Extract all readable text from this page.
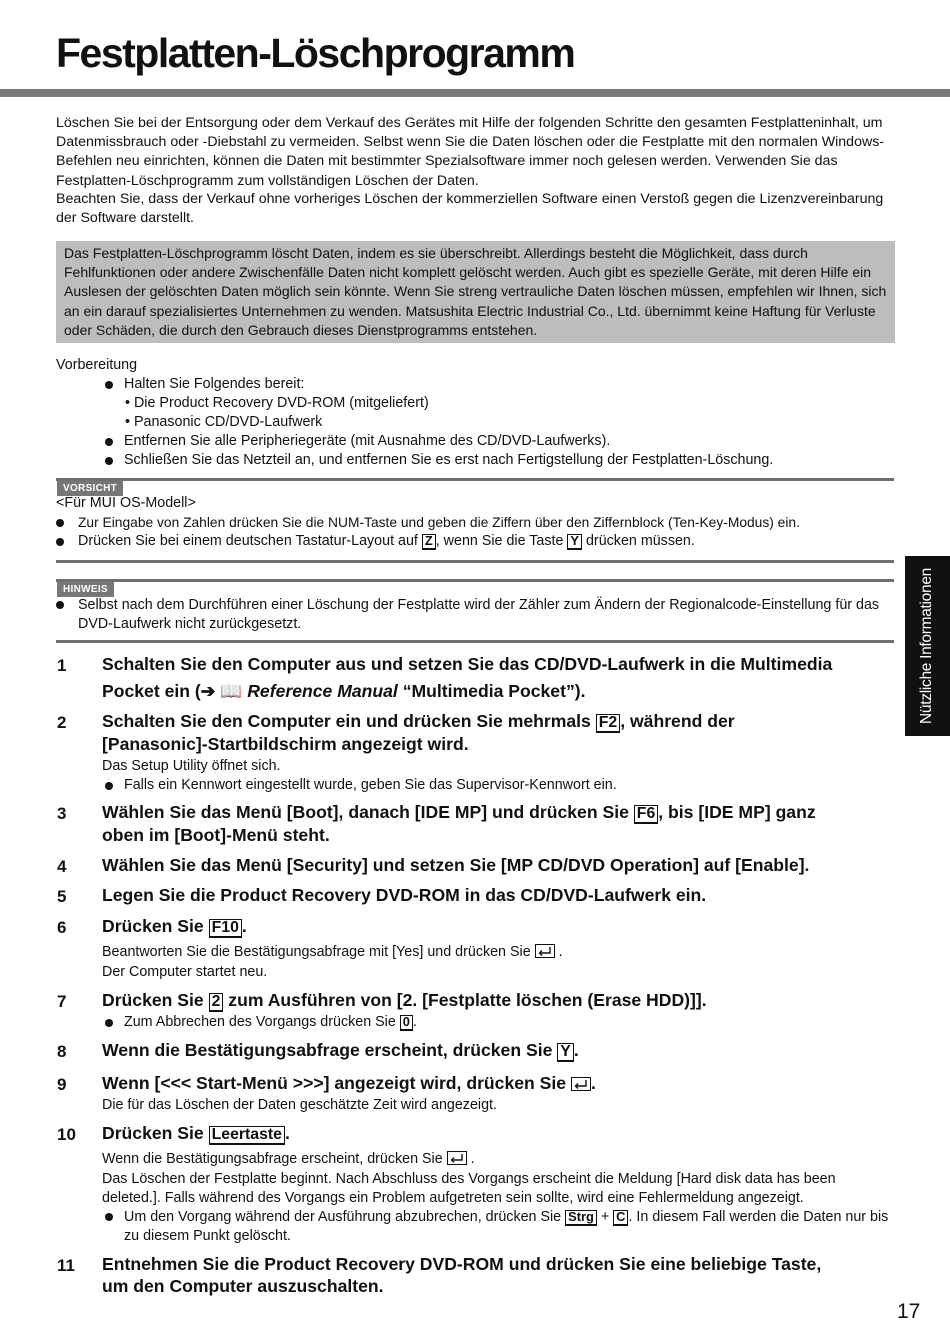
Festplatten-Löschprogramm
Löschen Sie bei der Entsorgung oder dem Verkauf des Gerätes mit Hilfe der folgenden Schritte den gesamten Festplatteninhalt, um Datenmissbrauch oder -Diebstahl zu vermeiden. Selbst wenn Sie die Daten löschen oder die Festplatte mit den normalen Windows-Befehlen neu einrichten, können die Daten mit bestimmter Spezialsoftware immer noch gelesen werden. Verwenden Sie das Festplatten-Löschprogramm zum vollständigen Löschen der Daten.
Beachten Sie, dass der Verkauf ohne vorheriges Löschen der kommerziellen Software einen Verstoß gegen die Lizenzvereinbarung der Software darstellt.
Das Festplatten-Löschprogramm löscht Daten, indem es sie überschreibt. Allerdings besteht die Möglichkeit, dass durch Fehlfunktionen oder andere Zwischenfälle Daten nicht komplett gelöscht werden. Auch gibt es spezielle Geräte, mit deren Hilfe ein Auslesen der gelöschten Daten möglich sein könnte. Wenn Sie streng vertrauliche Daten löschen müssen, empfehlen wir Ihnen, sich an ein darauf spezialisiertes Unternehmen zu wenden. Matsushita Electric Industrial Co., Ltd. übernimmt keine Haftung für Verluste oder Schäden, die durch den Gebrauch dieses Dienstprogramms entstehen.
Vorbereitung
Halten Sie Folgendes bereit:
• Die Product Recovery DVD-ROM (mitgeliefert)
• Panasonic CD/DVD-Laufwerk
Entfernen Sie alle Peripheriegeräte (mit Ausnahme des CD/DVD-Laufwerks).
Schließen Sie das Netzteil an, und entfernen Sie es erst nach Fertigstellung der Festplatten-Löschung.
VORSICHT
<Für MUI OS-Modell>
Zur Eingabe von Zahlen drücken Sie die NUM-Taste und geben die Ziffern über den Ziffernblock (Ten-Key-Modus) ein.
Drücken Sie bei einem deutschen Tastatur-Layout auf Z , wenn Sie die Taste Y drücken müssen.
HINWEIS
Selbst nach dem Durchführen einer Löschung der Festplatte wird der Zähler zum Ändern der Regionalcode-Einstellung für das DVD-Laufwerk nicht zurückgesetzt.
1 Schalten Sie den Computer aus und setzen Sie das CD/DVD-Laufwerk in die Multimedia
Pocket ein (➔ 📖 Reference Manual “Multimedia Pocket”).
2 Schalten Sie den Computer ein und drücken Sie mehrmals F2 , während der
[Panasonic]-Startbildschirm angezeigt wird.
Das Setup Utility öffnet sich.
Falls ein Kennwort eingestellt wurde, geben Sie das Supervisor-Kennwort ein.
3 Wählen Sie das Menü [Boot], danach [IDE MP] und drücken Sie F6 , bis [IDE MP] ganz
oben im [Boot]-Menü steht.
4 Wählen Sie das Menü [Security] und setzen Sie [MP CD/DVD Operation] auf [Enable].
5 Legen Sie die Product Recovery DVD-ROM in das CD/DVD-Laufwerk ein.
6 Drücken Sie F10 .
Beantworten Sie die Bestätigungsabfrage mit [Yes] und drücken Sie  .
Der Computer startet neu.
7 Drücken Sie 2 zum Ausführen von [2. [Festplatte löschen (Erase HDD)]].
Zum Abbrechen des Vorgangs drücken Sie 0 .
8 Wenn die Bestätigungsabfrage erscheint, drücken Sie Y .
9 Wenn [<<< Start-Menü >>>] angezeigt wird, drücken Sie .
Die für das Löschen der Daten geschätzte Zeit wird angezeigt.
10 Drücken Sie Leertaste .
Wenn die Bestätigungsabfrage erscheint, drücken Sie  .
Das Löschen der Festplatte beginnt. Nach Abschluss des Vorgangs erscheint die Meldung [Hard disk data has been deleted.]. Falls während des Vorgangs ein Problem aufgetreten sein sollte, wird eine Fehlermeldung angezeigt.
Um den Vorgang während der Ausführung abzubrechen, drücken Sie Strg + C . In diesem Fall werden die Daten nur bis zu diesem Punkt gelöscht.
11 Entnehmen Sie die Product Recovery DVD-ROM und drücken Sie eine beliebige Taste,
um den Computer auszuschalten.
Nützliche Informationen
17
